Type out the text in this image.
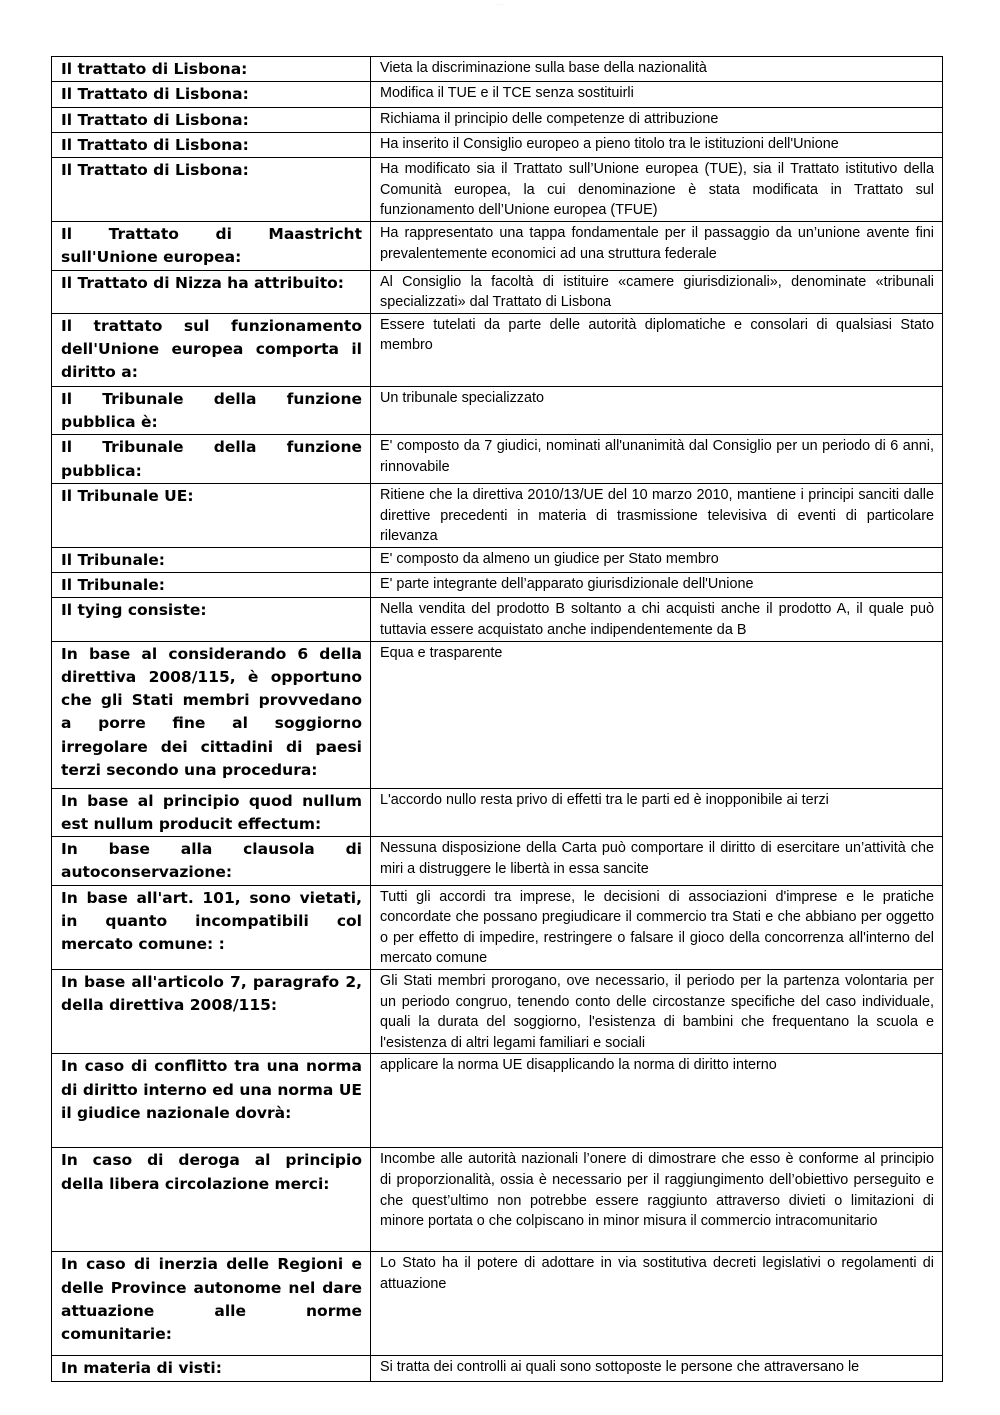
········
Il trattato di Lisbona:	Vieta la discriminazione sulla base della nazionalità
Il Trattato di Lisbona:	Modifica il TUE e il TCE senza sostituirli
Il Trattato di Lisbona:	Richiama il principio delle competenze di attribuzione
Il Trattato di Lisbona:	Ha inserito il Consiglio europeo a pieno titolo tra le istituzioni dell'Unione
Il Trattato di Lisbona:	Ha modificato sia il Trattato sull’Unione europea (TUE), sia il Trattato istitutivo della Comunità europea, la cui denominazione è stata modificata in Trattato sul funzionamento dell’Unione europea (TFUE)
Il Trattato di Maastricht sull'Unione europea:	Ha rappresentato una tappa fondamentale per il passaggio da un’unione avente fini prevalentemente economici ad una struttura federale
Il Trattato di Nizza ha attribuito:	Al Consiglio la facoltà di istituire «camere giurisdizionali», denominate «tribunali specializzati» dal Trattato di Lisbona
Il trattato sul funzionamento dell'Unione europea comporta il diritto a:	Essere tutelati da parte delle autorità diplomatiche e consolari di qualsiasi Stato membro
Il Tribunale della funzione pubblica è:	Un tribunale specializzato
Il Tribunale della funzione pubblica:	E' composto da 7 giudici, nominati all'unanimità dal Consiglio per un periodo di 6 anni, rinnovabile
Il Tribunale UE:	Ritiene che la direttiva 2010/13/UE del 10 marzo 2010, mantiene i principi sanciti dalle direttive precedenti in materia di trasmissione televisiva di eventi di particolare rilevanza
Il Tribunale:	E' composto da almeno un giudice per Stato membro
Il Tribunale:	E' parte integrante dell’apparato giurisdizionale dell'Unione
Il tying consiste:	Nella vendita del prodotto B soltanto a chi acquisti anche il prodotto A, il quale può tuttavia essere acquistato anche indipendentemente da B
In base al considerando 6 della direttiva 2008/115, è opportuno che gli Stati membri provvedano a porre fine al soggiorno irregolare dei cittadini di paesi terzi secondo una procedura:	Equa e trasparente
In base al principio quod nullum est nullum producit effectum:	L'accordo nullo resta privo di effetti tra le parti ed è inopponibile ai terzi
In base alla clausola di autoconservazione:	Nessuna disposizione della Carta può comportare il diritto di esercitare un’attività che miri a distruggere le libertà in essa sancite
In base all'art. 101, sono vietati, in quanto incompatibili col mercato comune: :	Tutti gli accordi tra imprese, le decisioni di associazioni d'imprese e le pratiche concordate che possano pregiudicare il commercio tra Stati e che abbiano per oggetto o per effetto di impedire, restringere o falsare il gioco della concorrenza all'interno del mercato comune
In base all'articolo 7, paragrafo 2, della direttiva 2008/115:	Gli Stati membri prorogano, ove necessario, il periodo per la partenza volontaria per un periodo congruo, tenendo conto delle circostanze specifiche del caso individuale, quali la durata del soggiorno, l'esistenza di bambini che frequentano la scuola e l'esistenza di altri legami familiari e sociali
In caso di conflitto tra una norma di diritto interno ed una norma UE il giudice nazionale dovrà:	applicare la norma UE disapplicando la norma di diritto interno
In caso di deroga al principio della libera circolazione merci:	Incombe alle autorità nazionali l’onere di dimostrare che esso è conforme al principio di proporzionalità, ossia è necessario per il raggiungimento dell’obiettivo perseguito e che quest’ultimo non potrebbe essere raggiunto attraverso divieti o limitazioni di minore portata o che colpiscano in minor misura il commercio intracomunitario
In caso di inerzia delle Regioni e delle Province autonome nel dare attuazione alle norme comunitarie:	Lo Stato ha il potere di adottare in via sostitutiva decreti legislativi o regolamenti di attuazione
In materia di visti:	Si tratta dei controlli ai quali sono sottoposte le persone che attraversano le
